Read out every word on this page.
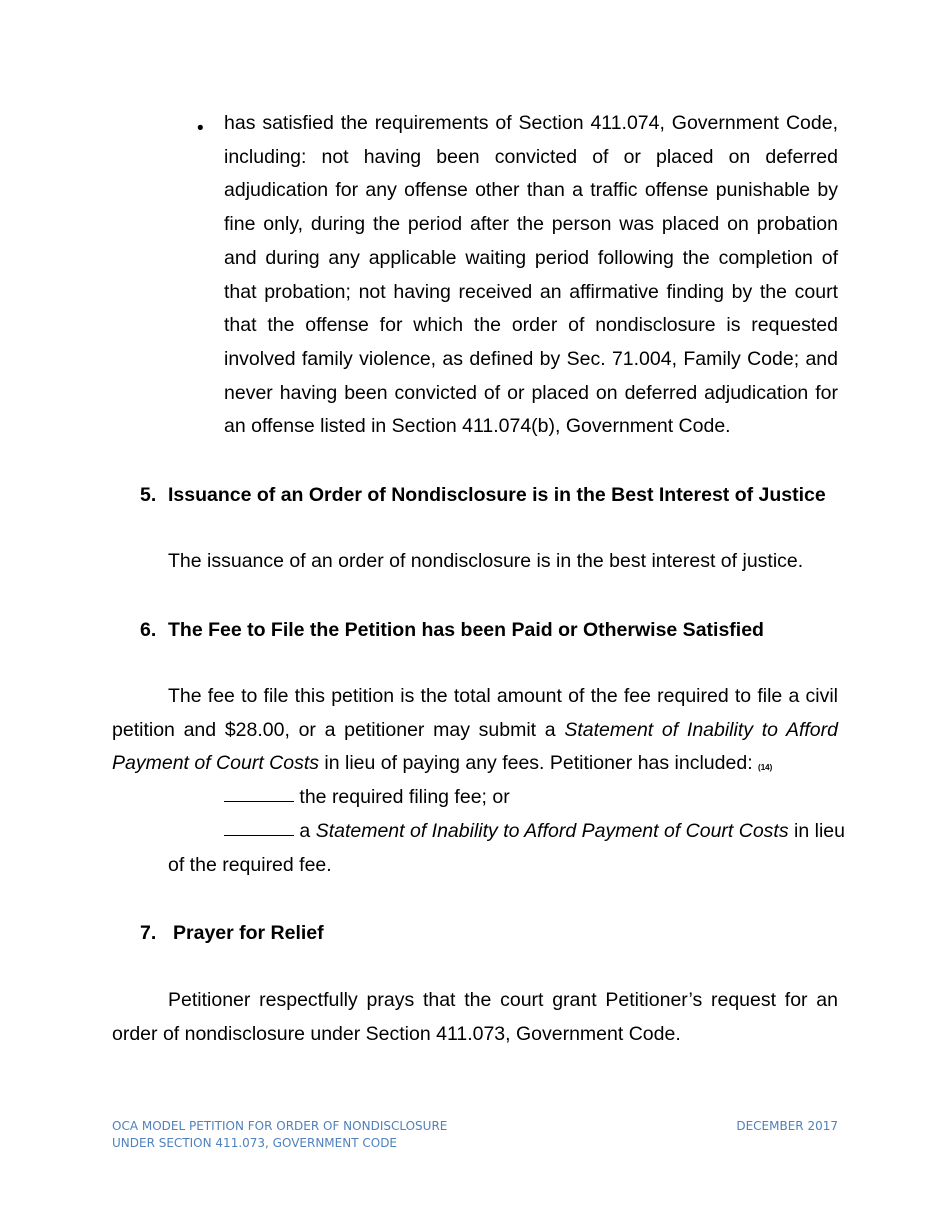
• has satisfied the requirements of Section 411.074, Government Code, including: not having been convicted of or placed on deferred adjudication for any offense other than a traffic offense punishable by fine only, during the period after the person was placed on probation and during any applicable waiting period following the completion of that probation; not having received an affirmative finding by the court that the offense for which the order of nondisclosure is requested involved family violence, as defined by Sec. 71.004, Family Code; and never having been convicted of or placed on deferred adjudication for an offense listed in Section 411.074(b), Government Code.

5. Issuance of an Order of Nondisclosure is in the Best Interest of Justice

The issuance of an order of nondisclosure is in the best interest of justice.

6. The Fee to File the Petition has been Paid or Otherwise Satisfied

The fee to file this petition is the total amount of the fee required to file a civil petition and $28.00, or a petitioner may submit a Statement of Inability to Afford Payment of Court Costs in lieu of paying any fees. Petitioner has included: (14)

the required filing fee; or

a Statement of Inability to Afford Payment of Court Costs in lieu

of the required fee.

7. Prayer for Relief

Petitioner respectfully prays that the court grant Petitioner’s request for an order of nondisclosure under Section 411.073, Government Code.

OCA MODEL PETITION FOR ORDER OF NONDISCLOSURE
UNDER SECTION 411.073, GOVERNMENT CODE
DECEMBER 2017
